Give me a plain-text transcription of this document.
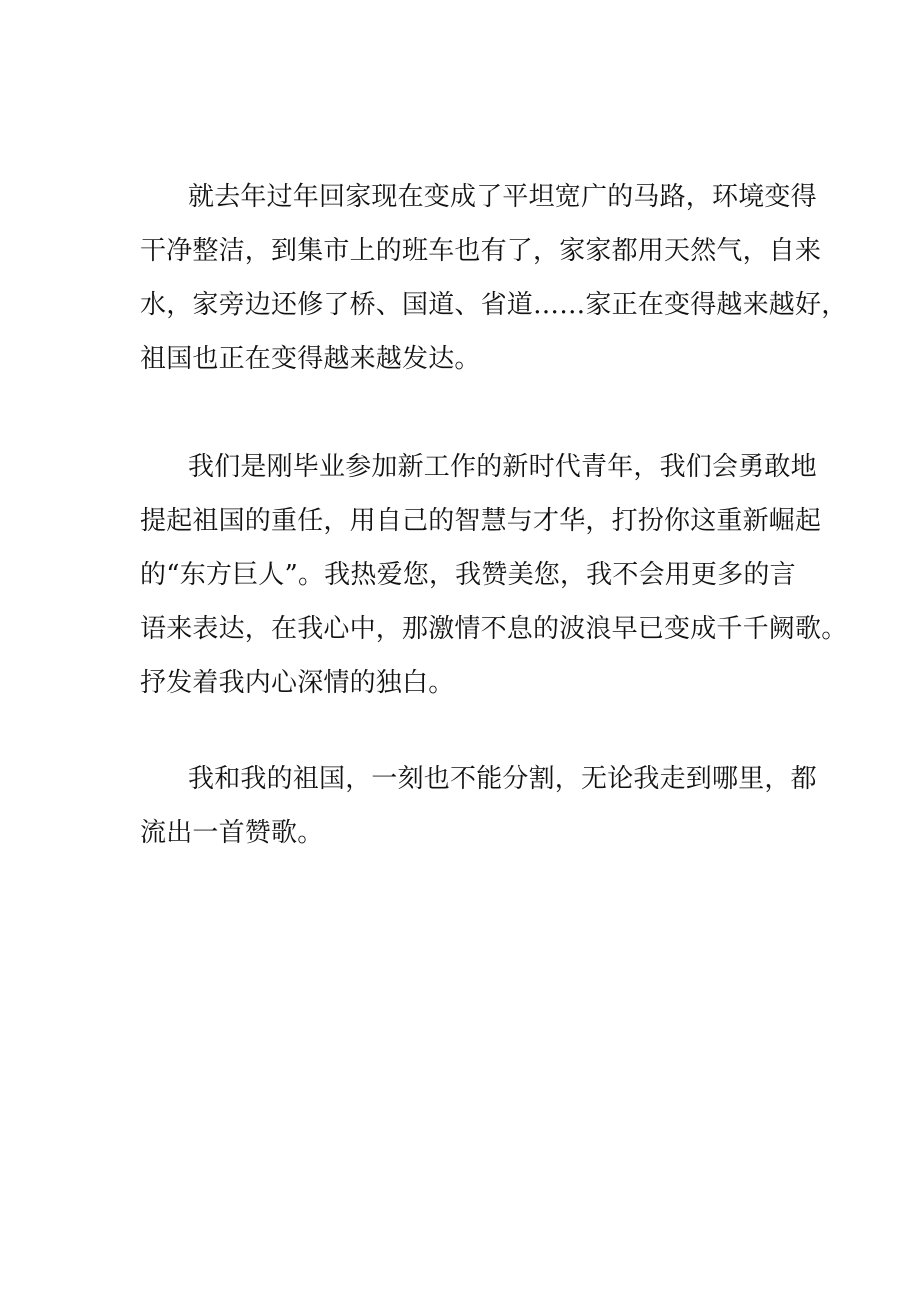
就去年过年回家现在变成了平坦宽广的马路，环境变得
干净整洁，到集市上的班车也有了，家家都用天然气，自来
水，家旁边还修了桥、国道、省道……家正在变得越来越好，
祖国也正在变得越来越发达。

我们是刚毕业参加新工作的新时代青年，我们会勇敢地
提起祖国的重任，用自己的智慧与才华，打扮你这重新崛起
的“东方巨人”。我热爱您，我赞美您，我不会用更多的言
语来表达，在我心中，那激情不息的波浪早已变成千千阙歌。
抒发着我内心深情的独白。

我和我的祖国，一刻也不能分割，无论我走到哪里，都
流出一首赞歌。
